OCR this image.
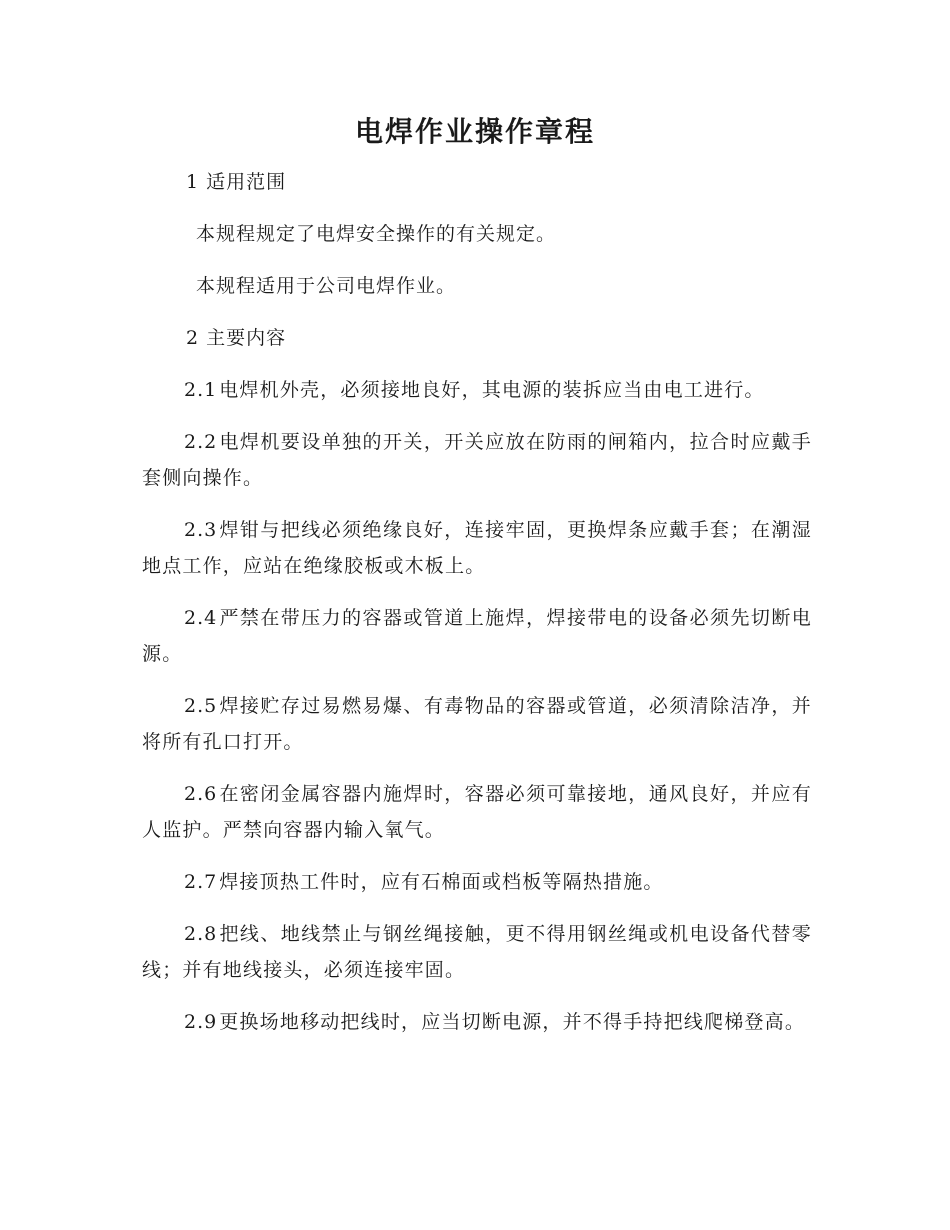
电焊作业操作章程

1 适用范围

本规程规定了电焊安全操作的有关规定。

本规程适用于公司电焊作业。

2 主要内容

2.1 电焊机外壳，必须接地良好，其电源的装拆应当由电工进行。

2.2 电焊机要设单独的开关，开关应放在防雨的闸箱内，拉合时应戴手套侧向操作。

2.3 焊钳与把线必须绝缘良好，连接牢固，更换焊条应戴手套；在潮湿地点工作，应站在绝缘胶板或木板上。

2.4 严禁在带压力的容器或管道上施焊，焊接带电的设备必须先切断电源。

2.5 焊接贮存过易燃易爆、有毒物品的容器或管道，必须清除洁净，并将所有孔口打开。

2.6 在密闭金属容器内施焊时，容器必须可靠接地，通风良好，并应有人监护。严禁向容器内输入氧气。

2.7 焊接顶热工件时，应有石棉面或档板等隔热措施。

2.8 把线、地线禁止与钢丝绳接触，更不得用钢丝绳或机电设备代替零线；并有地线接头，必须连接牢固。

2.9 更换场地移动把线时，应当切断电源，并不得手持把线爬梯登高。
